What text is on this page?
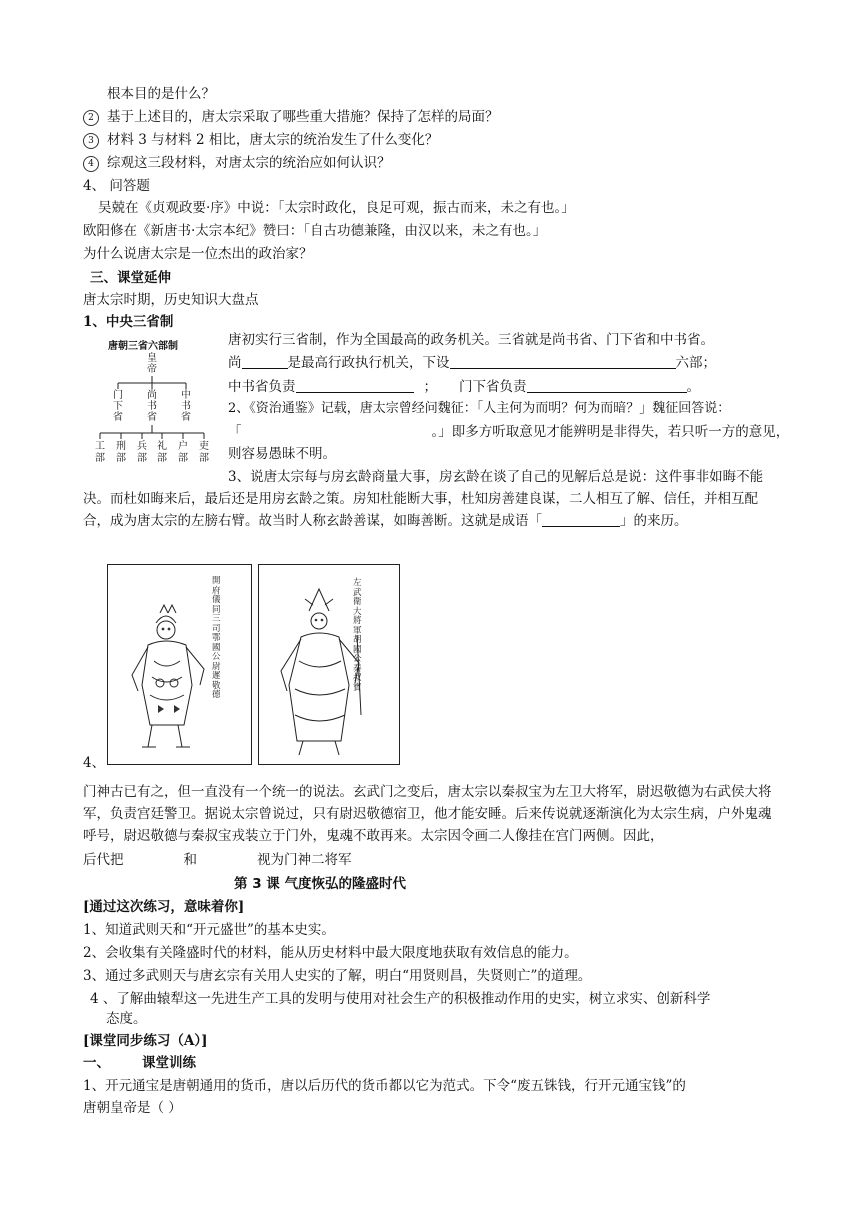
根本目的是什么？
2 基于上述目的，唐太宗采取了哪些重大措施？保持了怎样的局面？
3 材料 3 与材料 2 相比，唐太宗的统治发生了什么变化？
4 综观这三段材料，对唐太宗的统治应如何认识？
4、 问答题
吴兢在《贞观政要·序》中说：「太宗时政化，良足可观，振古而来，未之有也。」
欧阳修在《新唐书·太宗本纪》赞曰：「自古功德兼隆，由汉以来，未之有也。」
为什么说唐太宗是一位杰出的政治家？
三、课堂延伸
唐太宗时期，历史知识大盘点
1、中央三省制
唐朝三省六部制
皇帝
门下省
尚书省
中书省
工部
刑部
兵部
礼部
户部
吏部
唐初实行三省制，作为全国最高的政务机关。三省就是尚书省、门下省和中书省。
尚	是最高行政执行机关，下设	六部；
中书省负责	； 门下省负责	。
2、《资治通鉴》记载，唐太宗曾经问魏征：「人主何为而明？何为而暗？」魏征回答说：
「	。」即多方听取意见才能辨明是非得失，若只听一方的意见，
则容易愚昧不明。
3、说唐太宗每与房玄龄商量大事，房玄龄在谈了自己的见解后总是说：这件事非如晦不能决。而杜如晦来后，最后还是用房玄龄之策。房知杜能断大事，杜知房善建良谋，二人相互了解、信任，并相互配合，成为唐太宗的左膀右臂。故当时人称玄龄善谋，如晦善断。这就是成语「	」的来历。
開府儀同三司鄂國公尉遲敬德
左武衛大將軍胡國公秦叔寶
4、
门神古已有之，但一直没有一个统一的说法。玄武门之变后，唐太宗以秦叔宝为左卫大将军，尉迟敬德为右武侯大将军，负责宫廷警卫。据说太宗曾说过，只有尉迟敬德宿卫，他才能安睡。后来传说就逐渐演化为太宗生病，户外鬼魂呼号，尉迟敬德与秦叔宝戎装立于门外，鬼魂不敢再来。太宗因令画二人像挂在宫门两侧。因此，
后代把	和	视为门神二将军
第 3 课 气度恢弘的隆盛时代
[通过这次练习，意味着你]
1、知道武则天和“开元盛世”的基本史实。
2、会收集有关隆盛时代的材料，能从历史材料中最大限度地获取有效信息的能力。
3、通过多武则天与唐玄宗有关用人史实的了解，明白“用贤则昌，失贤则亡”的道理。
4 、了解曲辕犁这一先进生产工具的发明与使用对社会生产的积极推动作用的史实，树立求实、创新科学
态度。
[课堂同步练习（A）]
一、 课堂训练
1、开元通宝是唐朝通用的货币，唐以后历代的货币都以它为范式。下令“废五铢钱，行开元通宝钱”的
唐朝皇帝是（ ）
